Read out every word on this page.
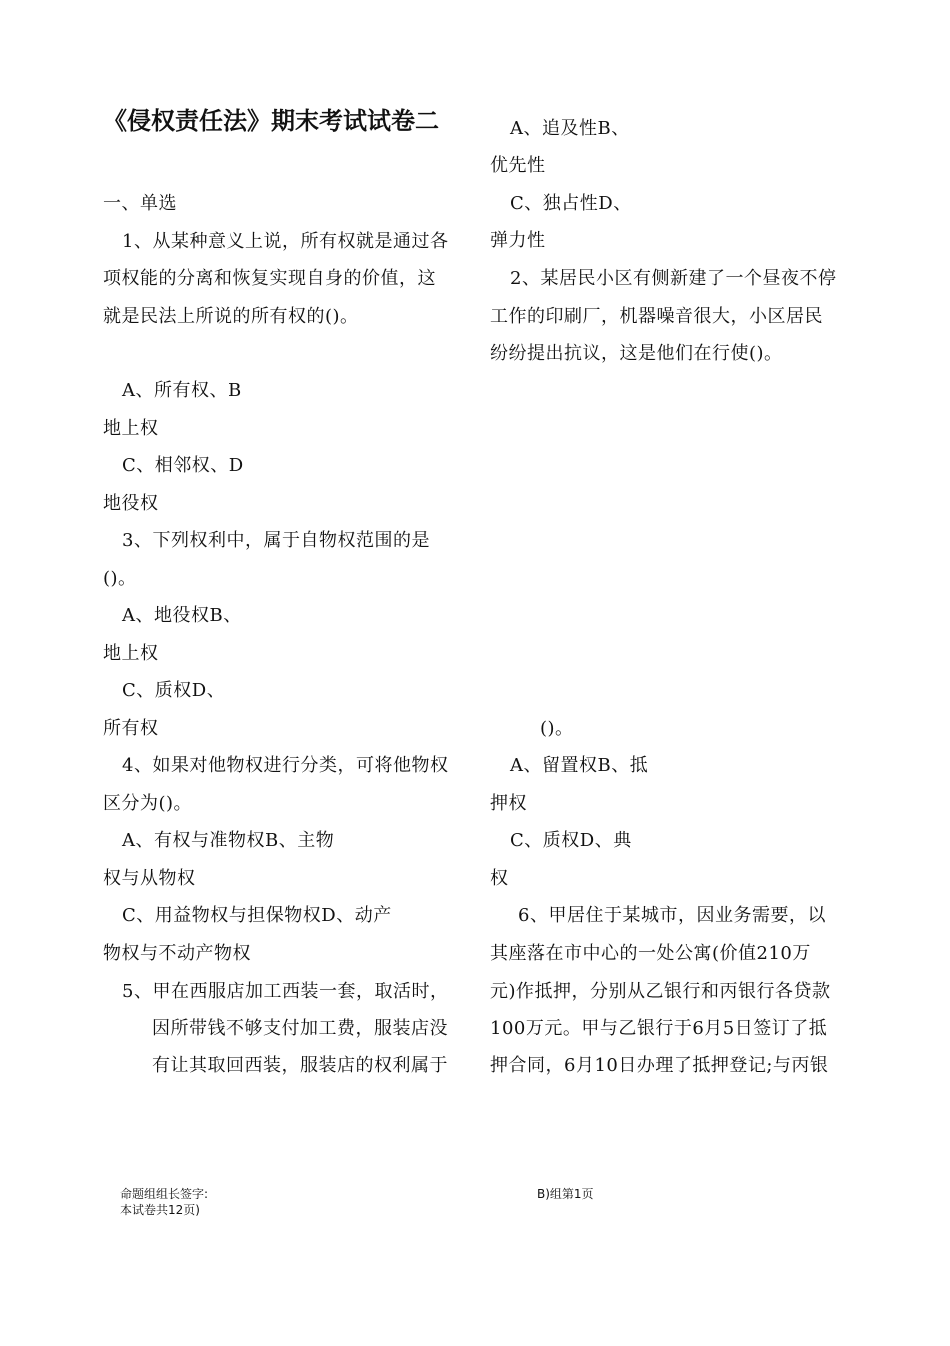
《侵权责任法》期末考试试卷二
一、单选
1、从某种意义上说，所有权就是通过各
项权能的分离和恢复实现自身的价值，这
就是民法上所说的所有权的()。
A、所有权、B
地上权
C、相邻权、D
地役权
3、下列权利中，属于自物权范围的是
()。
A、地役权B、
地上权
C、质权D、
所有权
4、如果对他物权进行分类，可将他物权
区分为()。
A、有权与准物权B、主物
权与从物权
C、用益物权与担保物权D、动产
物权与不动产物权
5、甲在西服店加工西装一套，取活时，
因所带钱不够支付加工费，服装店没
有让其取回西装，服装店的权利属于
A、追及性B、
优先性
C、独占性D、
弹力性
2、某居民小区有侧新建了一个昼夜不停
工作的印刷厂，机器噪音很大，小区居民
纷纷提出抗议，这是他们在行使()。
()。
A、留置权B、抵
押权
C、质权D、典
权
6、甲居住于某城市，因业务需要，以
其座落在市中心的一处公寓(价值210万
元)作抵押，分别从乙银行和丙银行各贷款
100万元。甲与乙银行于6月5日签订了抵
押合同，6月10日办理了抵押登记;与丙银
命题组组长签字:	B)组第1页
本试卷共12页)
